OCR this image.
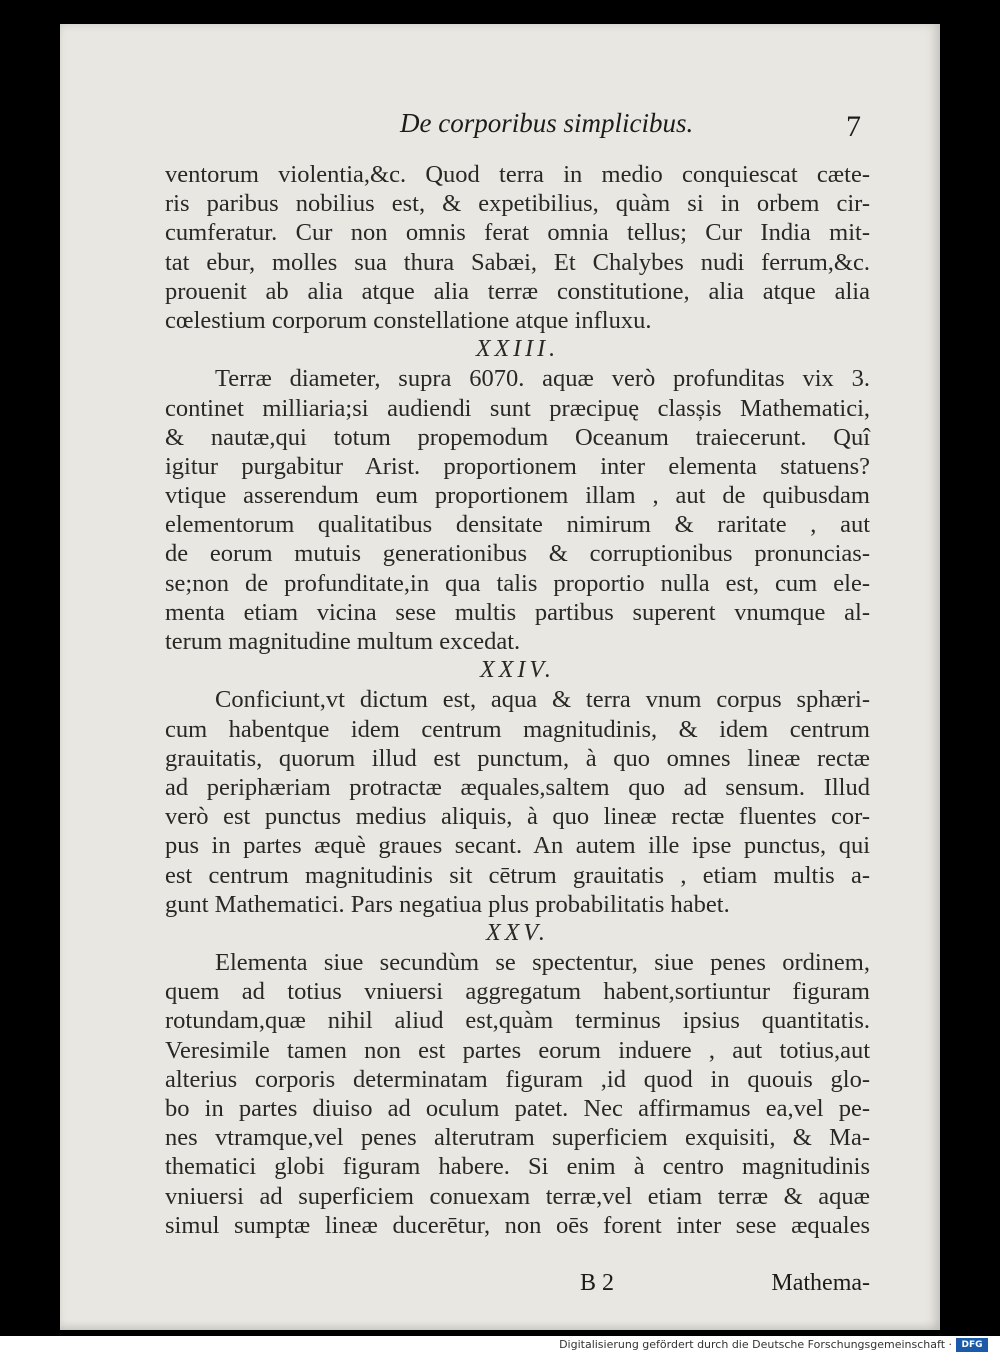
De corporibus simplicibus.	7
ventorum violentia,&c. Quod terra in medio conquiescat cæte-
ris paribus nobilius est, & expetibilius, quàm si in orbem cir-
cumferatur. Cur non omnis ferat omnia tellus; Cur India mit-
tat ebur, molles sua thura Sabæi, Et Chalybes nudi ferrum,&c.
prouenit ab alia atque alia terræ constitutione, alia atque alia
cœlestium corporum constellatione atque influxu.
XXIII.
Terræ diameter, supra 6070. aquæ verò profunditas vix 3.
continet milliaria;si audiendi sunt præcipuę clasșis Mathematici,
& nautæ,qui totum propemodum Oceanum traiecerunt. Quî
igitur purgabitur Arist. proportionem inter elementa statuens?
vtique asserendum eum proportionem illam , aut de quibusdam
elementorum qualitatibus densitate nimirum & raritate , aut
de eorum mutuis generationibus & corruptionibus pronuncias-
se;non de profunditate,in qua talis proportio nulla est, cum ele-
menta etiam vicina sese multis partibus superent vnumque al-
terum magnitudine multum excedat.
XXIV.
Conficiunt,vt dictum est, aqua & terra vnum corpus sphæri-
cum habentque idem centrum magnitudinis, & idem centrum
grauitatis, quorum illud est punctum, à quo omnes lineæ rectæ
ad periphæriam protractæ æquales,saltem quo ad sensum. Illud
verò est punctus medius aliquis, à quo lineæ rectæ fluentes cor-
pus in partes æquè graues secant. An autem ille ipse punctus, qui
est centrum magnitudinis sit cētrum grauitatis , etiam multis a-
gunt Mathematici. Pars negatiua plus probabilitatis habet.
XXV.
Elementa siue secundùm se spectentur, siue penes ordinem,
quem ad totius vniuersi aggregatum habent,sortiuntur figuram
rotundam,quæ nihil aliud est,quàm terminus ipsius quantitatis.
Veresimile tamen non est partes eorum induere , aut totius,aut
alterius corporis determinatam figuram ,id quod in quouis glo-
bo in partes diuiso ad oculum patet. Nec affirmamus ea,vel pe-
nes vtramque,vel penes alterutram superficiem exquisiti, & Ma-
thematici globi figuram habere. Si enim à centro magnitudinis
vniuersi ad superficiem conuexam terræ,vel etiam terræ & aquæ
simul sumptæ lineæ ducerētur, non oēs forent inter sese æquales
B 2	Mathema-
Digitalisierung gefördert durch die Deutsche Forschungsgemeinschaft ·	DFG
